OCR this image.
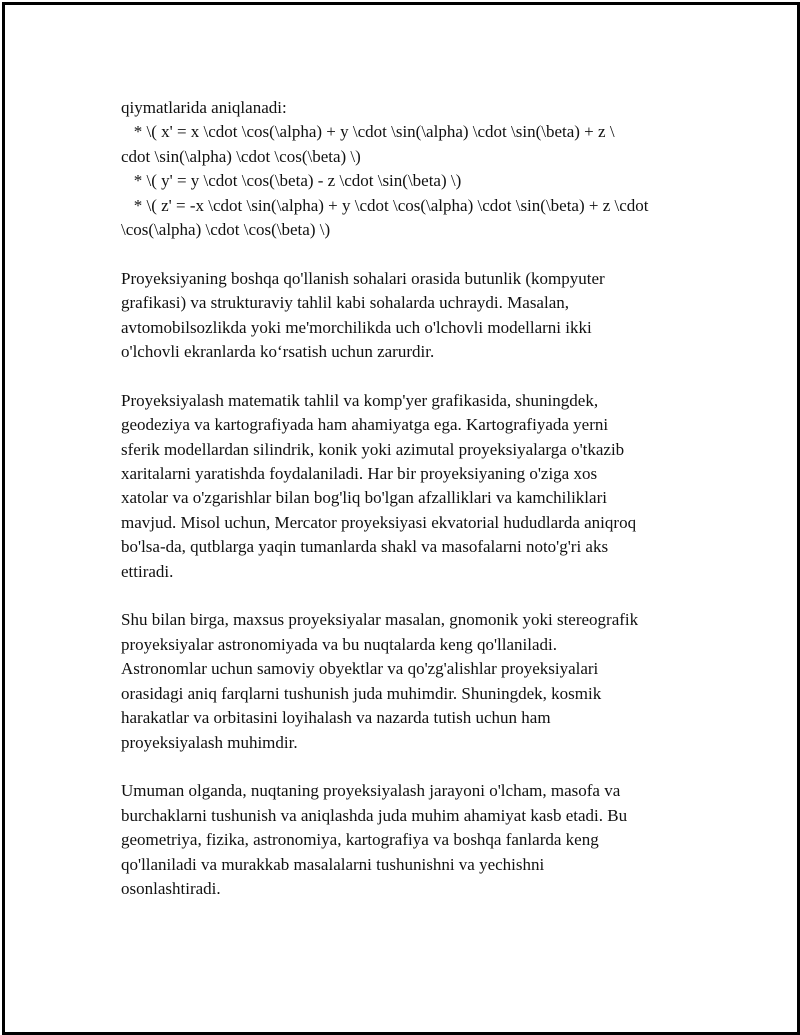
qiymatlarida aniqlanadi:
* \( x' = x \cdot \cos(\alpha) + y \cdot \sin(\alpha) \cdot \sin(\beta) + z \
cdot \sin(\alpha) \cdot \cos(\beta) \)
* \( y' = y \cdot \cos(\beta) - z \cdot \sin(\beta) \)
* \( z' = -x \cdot \sin(\alpha) + y \cdot \cos(\alpha) \cdot \sin(\beta) + z \cdot
\cos(\alpha) \cdot \cos(\beta) \)
Proyeksiyaning boshqa qo'llanish sohalari orasida butunlik (kompyuter
grafikasi) va strukturaviy tahlil kabi sohalarda uchraydi. Masalan,
avtomobilsozlikda yoki me'morchilikda uch o'lchovli modellarni ikki
o'lchovli ekranlarda ko‘rsatish uchun zarurdir.
Proyeksiyalash matematik tahlil va komp'yer grafikasida, shuningdek,
geodeziya va kartografiyada ham ahamiyatga ega. Kartografiyada yerni
sferik modellardan silindrik, konik yoki azimutal proyeksiyalarga o'tkazib
xaritalarni yaratishda foydalaniladi. Har bir proyeksiyaning o'ziga xos
xatolar va o'zgarishlar bilan bog'liq bo'lgan afzalliklari va kamchiliklari
mavjud. Misol uchun, Mercator proyeksiyasi ekvatorial hududlarda aniqroq
bo'lsa-da, qutblarga yaqin tumanlarda shakl va masofalarni noto'g'ri aks
ettiradi.
Shu bilan birga, maxsus proyeksiyalar masalan, gnomonik yoki stereografik
proyeksiyalar astronomiyada va bu nuqtalarda keng qo'llaniladi.
Astronomlar uchun samoviy obyektlar va qo'zg'alishlar proyeksiyalari
orasidagi aniq farqlarni tushunish juda muhimdir. Shuningdek, kosmik
harakatlar va orbitasini loyihalash va nazarda tutish uchun ham
proyeksiyalash muhimdir.
Umuman olganda, nuqtaning proyeksiyalash jarayoni o'lcham, masofa va
burchaklarni tushunish va aniqlashda juda muhim ahamiyat kasb etadi. Bu
geometriya, fizika, astronomiya, kartografiya va boshqa fanlarda keng
qo'llaniladi va murakkab masalalarni tushunishni va yechishni
osonlashtiradi.
